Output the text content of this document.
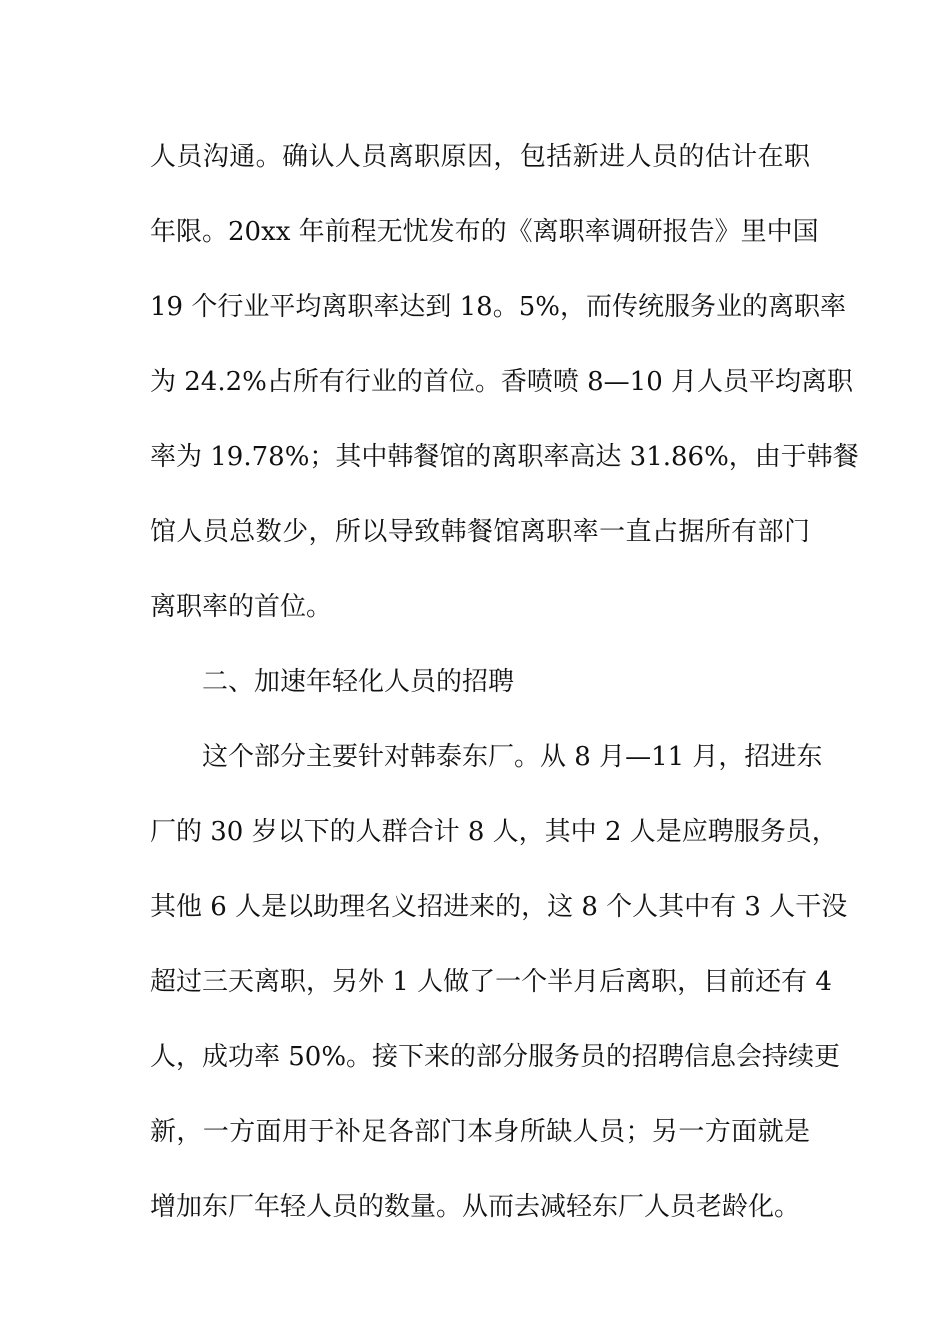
人员沟通。确认人员离职原因，包括新进人员的估计在职
年限。20xx 年前程无忧发布的《离职率调研报告》里中国
19 个行业平均离职率达到 18。5%，而传统服务业的离职率
为 24.2%占所有行业的首位。香喷喷 8—10 月人员平均离职
率为 19.78%；其中韩餐馆的离职率高达 31.86%，由于韩餐
馆人员总数少，所以导致韩餐馆离职率一直占据所有部门
离职率的首位。
二、加速年轻化人员的招聘
这个部分主要针对韩泰东厂。从 8 月—11 月，招进东
厂的 30 岁以下的人群合计 8 人，其中 2 人是应聘服务员，
其他 6 人是以助理名义招进来的，这 8 个人其中有 3 人干没
超过三天离职，另外 1 人做了一个半月后离职，目前还有 4
人，成功率 50%。接下来的部分服务员的招聘信息会持续更
新，一方面用于补足各部门本身所缺人员；另一方面就是
增加东厂年轻人员的数量。从而去减轻东厂人员老龄化。
